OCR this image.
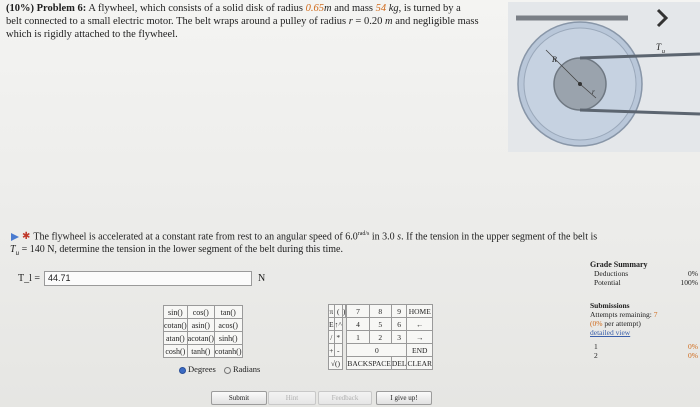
(10%) Problem 6: A flywheel, which consists of a solid disk of radius 0.65m and mass 54 kg, is turned by a
belt connected to a small electric motor. The belt wraps around a pulley of radius r = 0.20 m and negligible mass
which is rigidly attached to the flywheel.
R
r
T u
✱ The flywheel is accelerated at a constant rate from rest to an angular speed of $6.0^{rad/s}$ in 3.0 s. If the tension in the upper segment of the belt is
$T_u = 140$ N, determine the tension in the lower segment of the belt during this time.
T_l = 44.71	N
Grade Summary
Deductions	0%
Potential	100%
Submissions
Attempts remaining: 7
(0% per attempt)
detailed view
1	0%
2	0%
sin()	cos()	tan()
cotan()	asin()	acos()
atan()	acotan()	sinh()
cosh()	tanh()	cotanh()
Degrees Radians
π	(	)		7	8	9	HOME
E	↑^			4	5	6	←
/	*			1	2	3	→
+	-			0			END
√()			BACKSPACE		DEL	CLEAR
Submit	Hint	Feedback	I give up!
